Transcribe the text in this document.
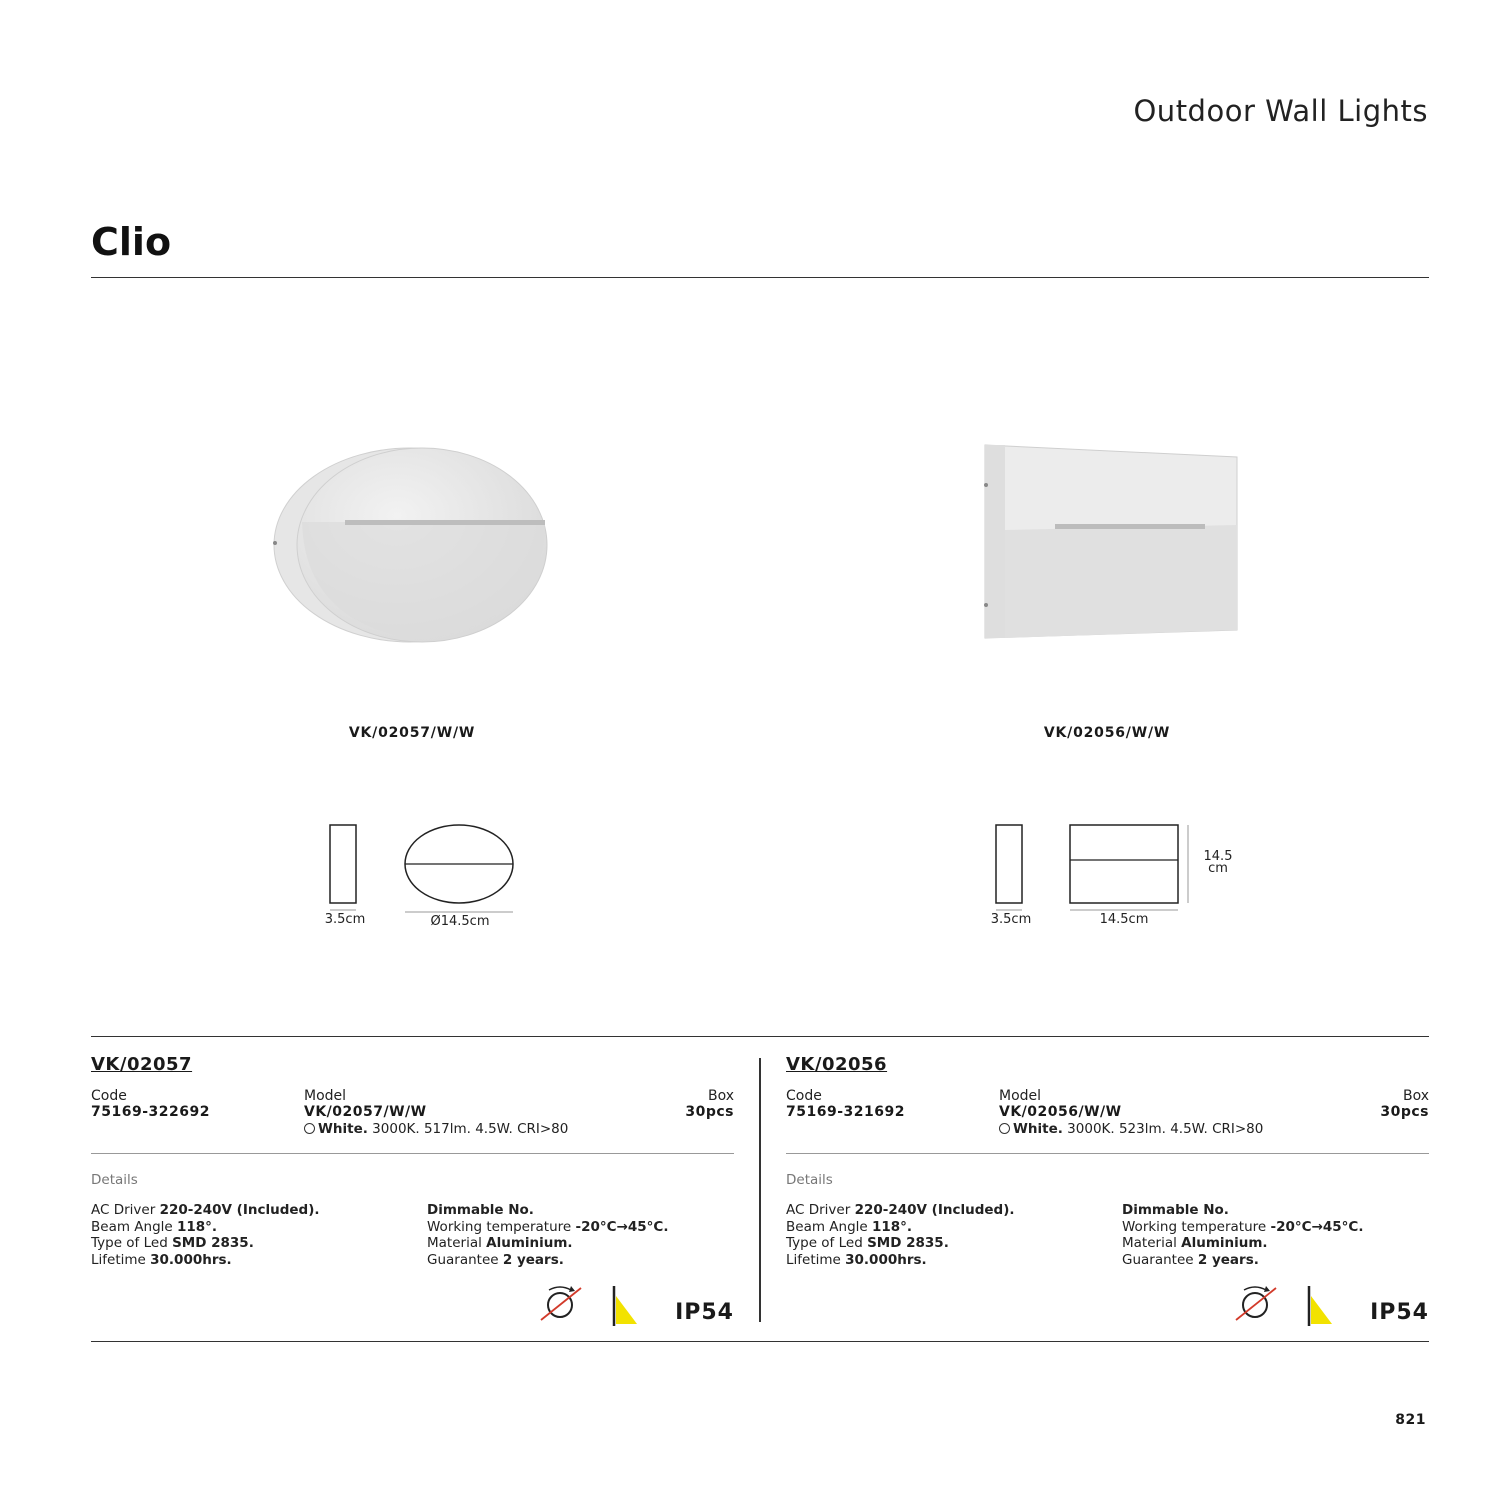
Outdoor Wall Lights
Clio
VK/02057/W/W	VK/02056/W/W
3.5cm	Ø14.5cm	3.5cm	14.5cm
14.5
cm
VK/02057
Code
75169-322692
Model
VK/02057/W/W
White. 3000K. 517lm. 4.5W. CRI>80
Box
30pcs
Details
AC Driver 220-240V (Included).
Beam Angle 118°.
Type of Led SMD 2835.
Lifetime 30.000hrs.
Dimmable No.
Working temperature -20°C→45°C.
Material Aluminium.
Guarantee 2 years.
IP54
VK/02056
Code
75169-321692
Model
VK/02056/W/W
White. 3000K. 523lm. 4.5W. CRI>80
Box
30pcs
Details
AC Driver 220-240V (Included).
Beam Angle 118°.
Type of Led SMD 2835.
Lifetime 30.000hrs.
Dimmable No.
Working temperature -20°C→45°C.
Material Aluminium.
Guarantee 2 years.
IP54
821
